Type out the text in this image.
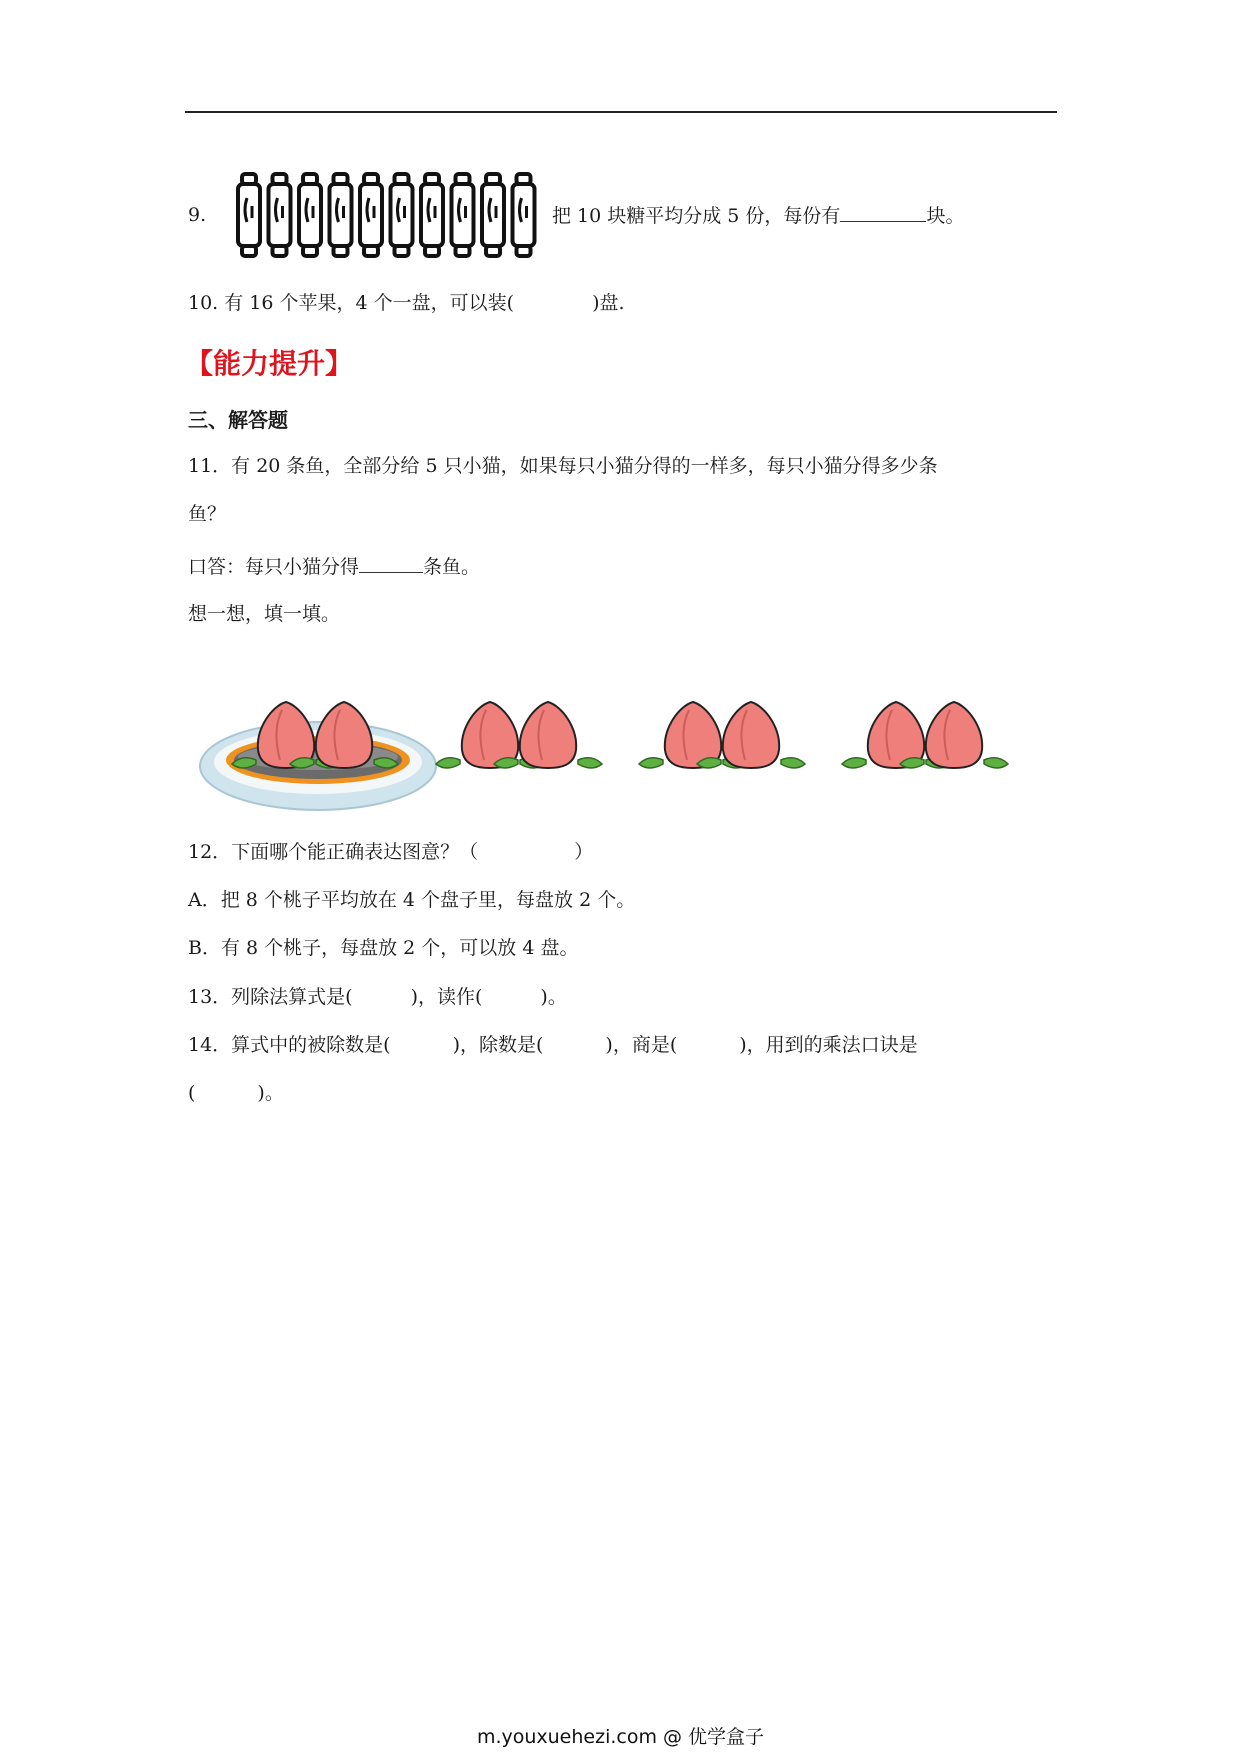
9.	把 10 块糖平均分成 5 份，每份有	块。
10. 有 16 个苹果，4 个一盘，可以装(	)盘.
【能力提升】
三、解答题
11．有 20 条鱼，全部分给 5 只小猫，如果每只小猫分得的一样多，每只小猫分得多少条
鱼？
口答：每只小猫分得	条鱼。
想一想，填一填。
12．下面哪个能正确表达图意？（	）
A．把 8 个桃子平均放在 4 个盘子里，每盘放 2 个。
B．有 8 个桃子，每盘放 2 个，可以放 4 盘。
13．列除法算式是(	)，读作(	)。
14．算式中的被除数是(	)，除数是(	)，商是(	)，用到的乘法口诀是
(	)。
m.youxuehezi.com @ 优学盒子
